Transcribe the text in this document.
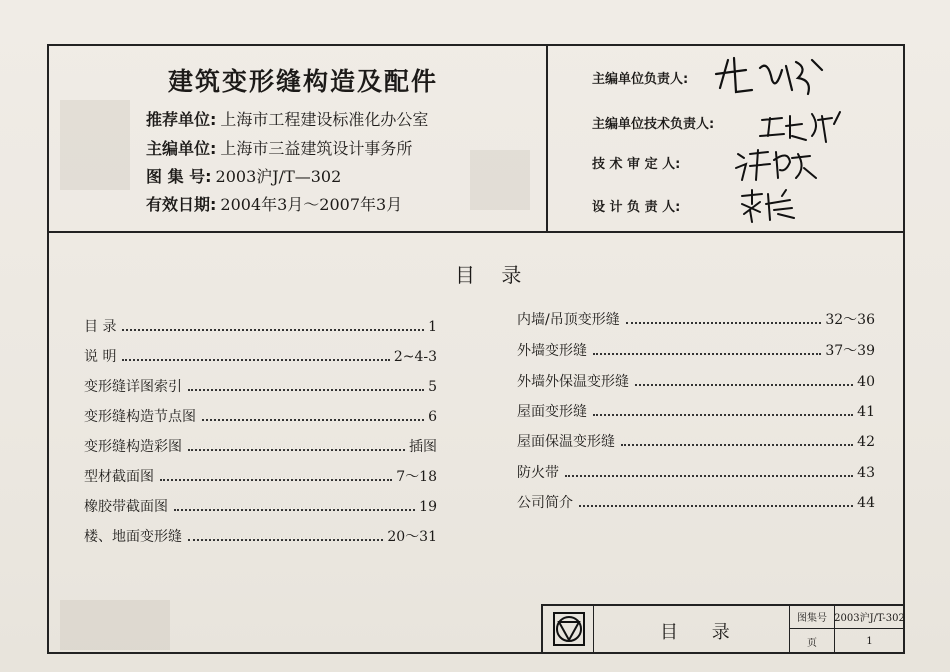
建筑变形缝构造及配件
推荐单位: 上海市工程建设标准化办公室
主编单位: 上海市三益建筑设计事务所
图 集 号: 2003沪J/T—302
有效日期: 2004年3月～2007年3月
主编单位负责人:
主编单位技术负责人:
技 术 审 定 人:
设 计 负 责 人:
目 录
目 录	1
说 明	2~4-3
变形缝详图索引	5
变形缝构造节点图	6
变形缝构造彩图	插图
型材截面图	7～18
橡胶带截面图	19
楼、地面变形缝	20～31
内墙/吊顶变形缝	32～36
外墙变形缝	37～39
外墙外保温变形缝	40
屋面变形缝	41
屋面保温变形缝	42
防火带	43
公司简介	44
目 录
图集号 2003沪J/T-302
页	1
